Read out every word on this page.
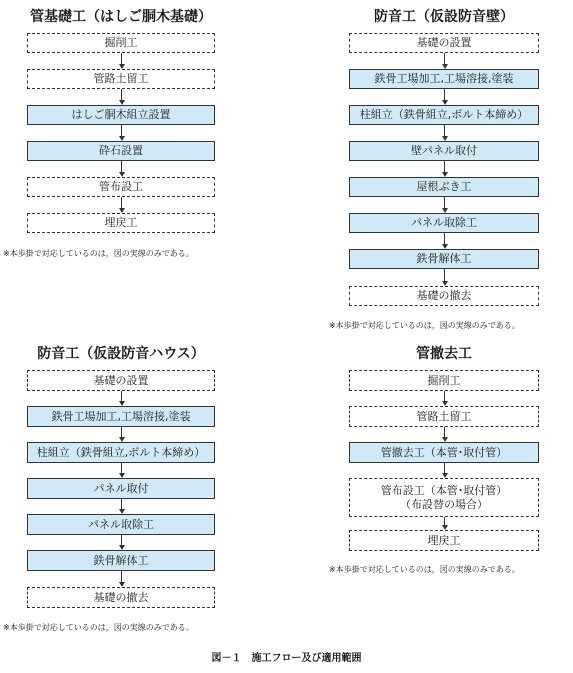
管基礎工（はしご胴木基礎）
掘削工
管路土留工
はしご胴木組立設置
砕石設置
管布設工
埋戻工
※本歩掛で対応しているのは，図の実線のみである。
防音工（仮設防音壁）
基礎の設置
鉄骨工場加工,工場溶接,塗装
柱組立（鉄骨組立,ボルト本締め）
壁パネル取付
屋根ぶき工
パネル取除工
鉄骨解体工
基礎の撤去
※本歩掛で対応しているのは，図の実線のみである。
防音工（仮設防音ハウス）
基礎の設置
鉄骨工場加工,工場溶接,塗装
柱組立（鉄骨組立,ボルト本締め）
パネル取付
パネル取除工
鉄骨解体工
基礎の撤去
※本歩掛で対応しているのは，図の実線のみである。
管撤去工
掘削工
管路土留工
管撤去工（本管･取付管）
管布設工（本管･取付管）
（布設替の場合）
埋戻工
※本歩掛で対応しているのは，図の実線のみである。
図－１　施工フロー及び適用範囲
